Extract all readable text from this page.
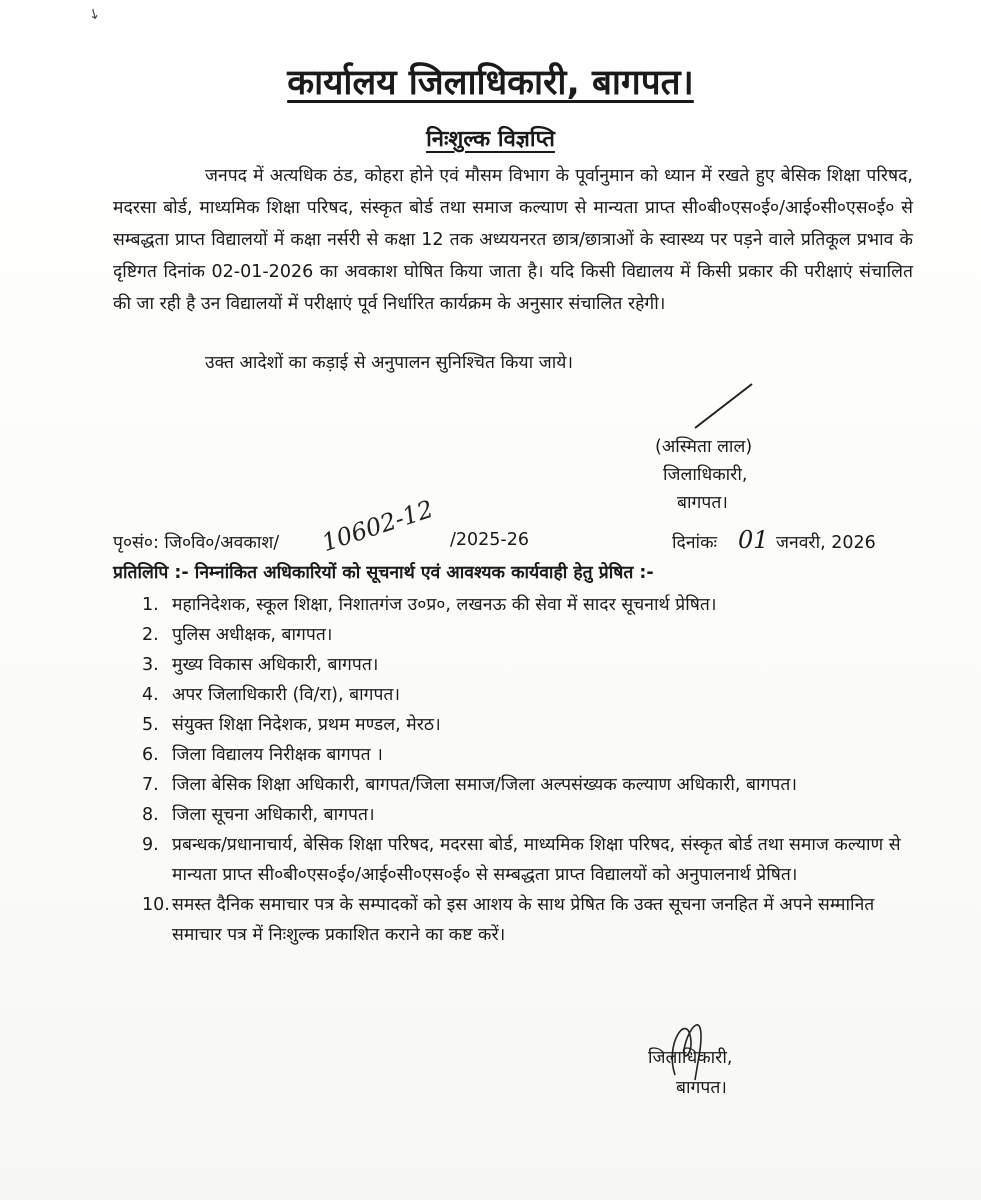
↘
कार्यालय जिलाधिकारी, बागपत।
निःशुल्क विज्ञप्ति
जनपद में अत्यधिक ठंड, कोहरा होने एवं मौसम विभाग के पूर्वानुमान को ध्यान में रखते हुए बेसिक शिक्षा परिषद, मदरसा बोर्ड, माध्यमिक शिक्षा परिषद, संस्कृत बोर्ड तथा समाज कल्याण से मान्यता प्राप्त सी०बी०एस०ई०/आई०सी०एस०ई० से सम्बद्धता प्राप्त विद्यालयों में कक्षा नर्सरी से कक्षा 12 तक अध्ययनरत छात्र/छात्राओं के स्वास्थ्य पर पड़ने वाले प्रतिकूल प्रभाव के दृष्टिगत दिनांक 02-01-2026 का अवकाश घोषित किया जाता है। यदि किसी विद्यालय में किसी प्रकार की परीक्षाएं संचालित की जा रही है उन विद्यालयों में परीक्षाएं पूर्व निर्धारित कार्यक्रम के अनुसार संचालित रहेगी।
उक्त आदेशों का कड़ाई से अनुपालन सुनिश्चित किया जाये।
(अस्मिता लाल)
जिलाधिकारी,
बागपत।
पृ०सं०: जि०वि०/अवकाश/ 10602-12 /2025-26	दिनांकः 01 जनवरी, 2026
प्रतिलिपि :- निम्नांकित अधिकारियों को सूचनार्थ एवं आवश्यक कार्यवाही हेतु प्रेषित :-
1. महानिदेशक, स्कूल शिक्षा, निशातगंज उ०प्र०, लखनऊ की सेवा में सादर सूचनार्थ प्रेषित।
2. पुलिस अधीक्षक, बागपत।
3. मुख्य विकास अधिकारी, बागपत।
4. अपर जिलाधिकारी (वि/रा), बागपत।
5. संयुक्त शिक्षा निदेशक, प्रथम मण्डल, मेरठ।
6. जिला विद्यालय निरीक्षक बागपत ।
7. जिला बेसिक शिक्षा अधिकारी, बागपत/जिला समाज/जिला अल्पसंख्यक कल्याण अधिकारी, बागपत।
8. जिला सूचना अधिकारी, बागपत।
9. प्रबन्धक/प्रधानाचार्य, बेसिक शिक्षा परिषद, मदरसा बोर्ड, माध्यमिक शिक्षा परिषद, संस्कृत बोर्ड तथा समाज कल्याण से मान्यता प्राप्त सी०बी०एस०ई०/आई०सी०एस०ई० से सम्बद्धता प्राप्त विद्यालयों को अनुपालनार्थ प्रेषित।
10. समस्त दैनिक समाचार पत्र के सम्पादकों को इस आशय के साथ प्रेषित कि उक्त सूचना जनहित में अपने सम्मानित समाचार पत्र में निःशुल्क प्रकाशित कराने का कष्ट करें।
जिलाधिकारी,
बागपत।
